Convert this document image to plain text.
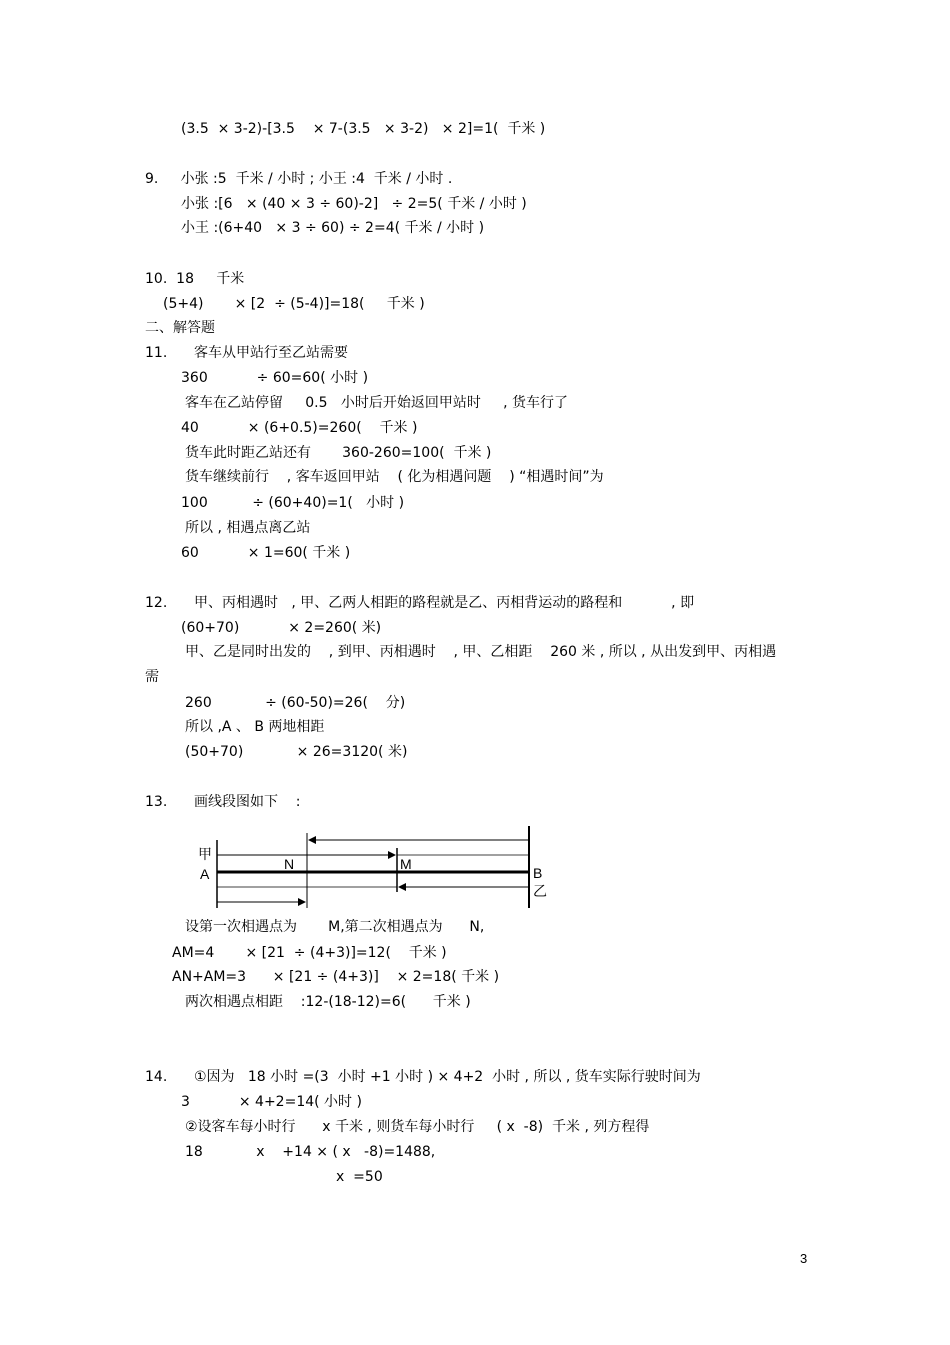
(3.5  × 3-2)-[3.5    × 7-(3.5   × 3-2)   × 2]=1(  千米 )
9.     小张 :5  千米 / 小时 ; 小王 :4  千米 / 小时 .
小张 :[6   × (40 × 3 ÷ 60)-2]   ÷ 2=5( 千米 / 小时 )
小王 :(6+40   × 3 ÷ 60) ÷ 2=4( 千米 / 小时 )
10.  18     千米
(5+4)       × [2  ÷ (5-4)]=18(     千米 )
二、解答题
11.      客车从甲站行至乙站需要
360           ÷ 60=60( 小时 )
客车在乙站停留     0.5   小时后开始返回甲站时     , 货车行了
40           × (6+0.5)=260(    千米 )
货车此时距乙站还有       360-260=100(  千米 )
货车继续前行    , 客车返回甲站    ( 化为相遇问题    ) “相遇时间”为
100          ÷ (60+40)=1(   小时 )
所以 , 相遇点离乙站
60           × 1=60( 千米 )
12.      甲、丙相遇时   , 甲、乙两人相距的路程就是乙、丙相背运动的路程和           , 即
(60+70)           × 2=260( 米)
甲、乙是同时出发的    , 到甲、丙相遇时    , 甲、乙相距    260 米 , 所以 , 从出发到甲、丙相遇
需
260            ÷ (60-50)=26(    分)
所以 ,A 、 B 两地相距
(50+70)            × 26=3120( 米)
13.      画线段图如下    :
甲
A
N	M
B
乙
设第一次相遇点为       M,第二次相遇点为      N,
AM=4       × [21  ÷ (4+3)]=12(    千米 )
AN+AM=3      × [21 ÷ (4+3)]    × 2=18( 千米 )
两次相遇点相距    :12-(18-12)=6(      千米 )
14.      ①因为   18 小时 =(3  小时 +1 小时 ) × 4+2  小时 , 所以 , 货车实际行驶时间为
3           × 4+2=14( 小时 )
②设客车每小时行      x 千米 , 则货车每小时行     ( x  -8)  千米 , 列方程得
18            x    +14 × ( x   -8)=1488,
x  =50
3
